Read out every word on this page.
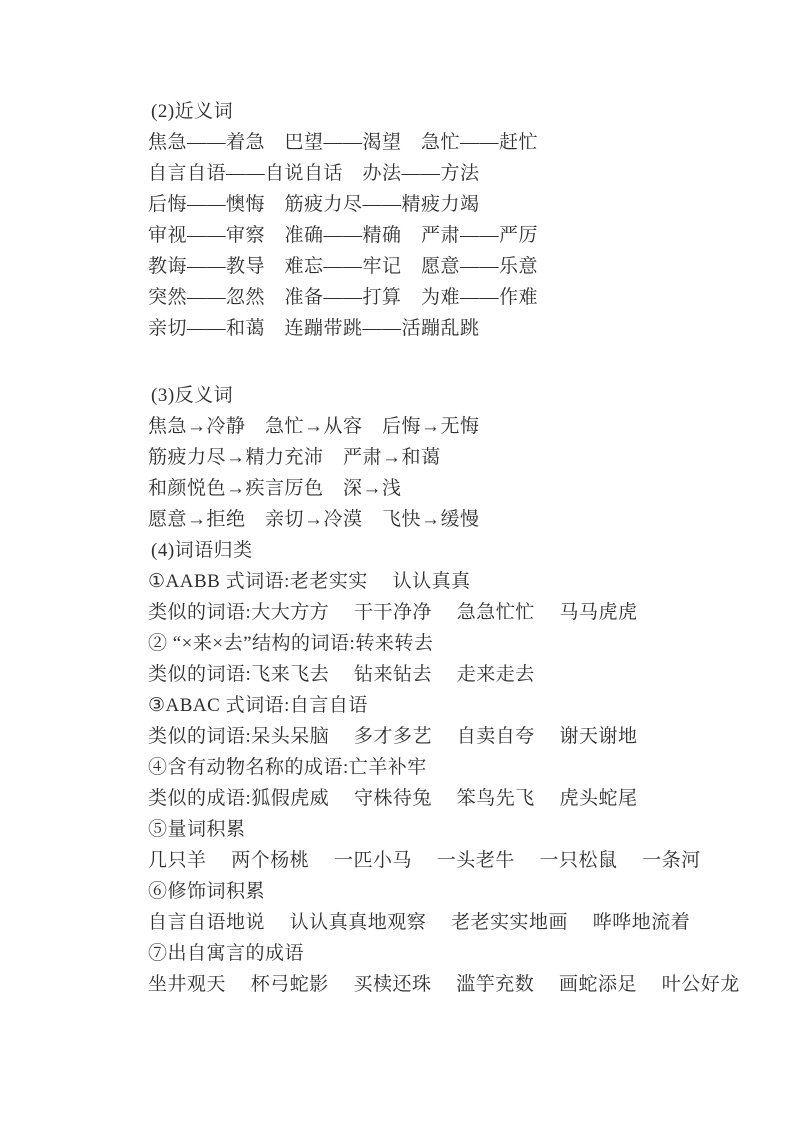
(2)近义词
焦急——着急　巴望——渴望　急忙——赶忙
自言自语——自说自话　办法——方法
后悔——懊悔　筋疲力尽——精疲力竭
审视——审察　准确——精确　严肃——严厉
教诲——教导　难忘——牢记　愿意——乐意
突然——忽然　准备——打算　为难——作难
亲切——和蔼　连蹦带跳——活蹦乱跳
(3)反义词
焦急→冷静　急忙→从容　后悔→无悔
筋疲力尽→精力充沛　严肃→和蔼
和颜悦色→疾言厉色　深→浅
愿意→拒绝　亲切→冷漠　飞快→缓慢
(4)词语归类
①AABB 式词语:老老实实　 认认真真
类似的词语:大大方方　 干干净净　 急急忙忙　 马马虎虎
② “×来×去”结构的词语:转来转去
类似的词语:飞来飞去　 钻来钻去　 走来走去
③ABAC 式词语:自言自语
类似的词语:呆头呆脑　 多才多艺　 自卖自夸　 谢天谢地
④含有动物名称的成语:亡羊补牢
类似的成语:狐假虎威　 守株待兔　 笨鸟先飞　 虎头蛇尾
⑤量词积累
几只羊　 两个杨桃　 一匹小马　 一头老牛　 一只松鼠　 一条河
⑥修饰词积累
自言自语地说　 认认真真地观察　 老老实实地画　 哗哗地流着
⑦出自寓言的成语
坐井观天　 杯弓蛇影　 买椟还珠　 滥竽充数　 画蛇添足　 叶公好龙
